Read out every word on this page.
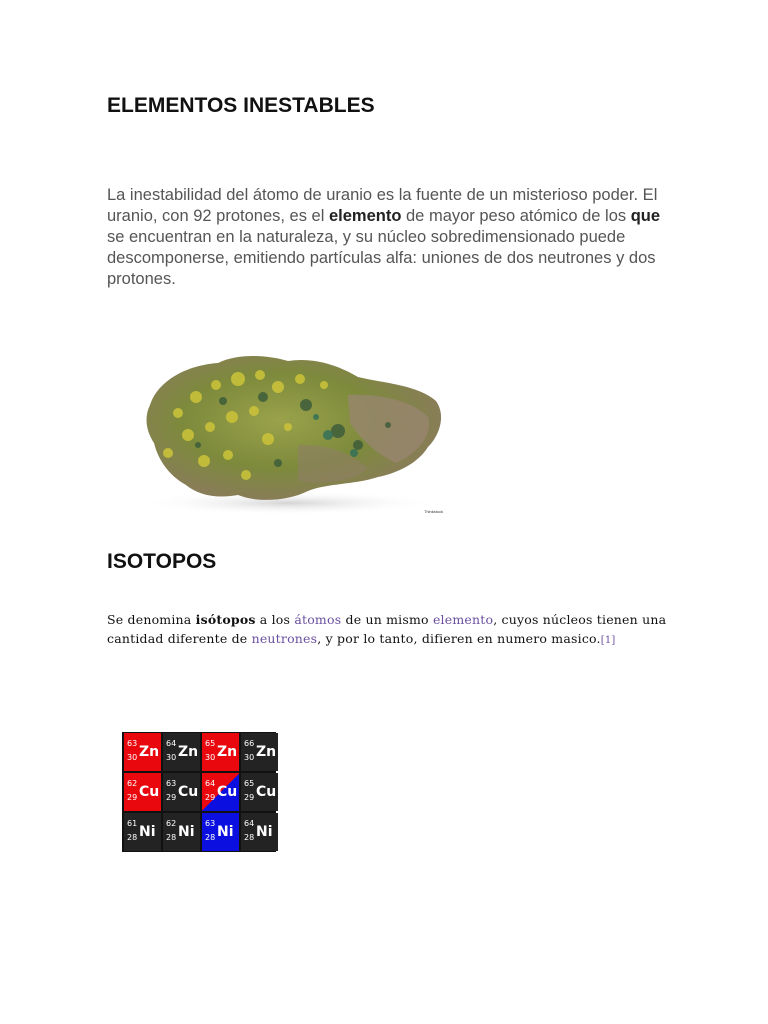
ELEMENTOS INESTABLES

La inestabilidad del átomo de uranio es la fuente de un misterioso poder. El uranio, con 92 protones, es el elemento de mayor peso atómico de los que se encuentran en la naturaleza, y su núcleo sobredimensionado puede descomponerse, emitiendo partículas alfa: uniones de dos neutrones y dos protones.

Thinkstock
ISOTOPOS

Se denomina isótopos a los átomos de un mismo elemento, cuyos núcleos tienen una cantidad diferente de neutrones, y por lo tanto, difieren en numero masico.[1]

63
30 Zn
64
30 Zn
65
30 Zn
66
30 Zn
62
29 Cu
63
29 Cu
64
29 Cu
65
29 Cu
61
28 Ni
62
28 Ni
63
28 Ni
64
28 Ni
